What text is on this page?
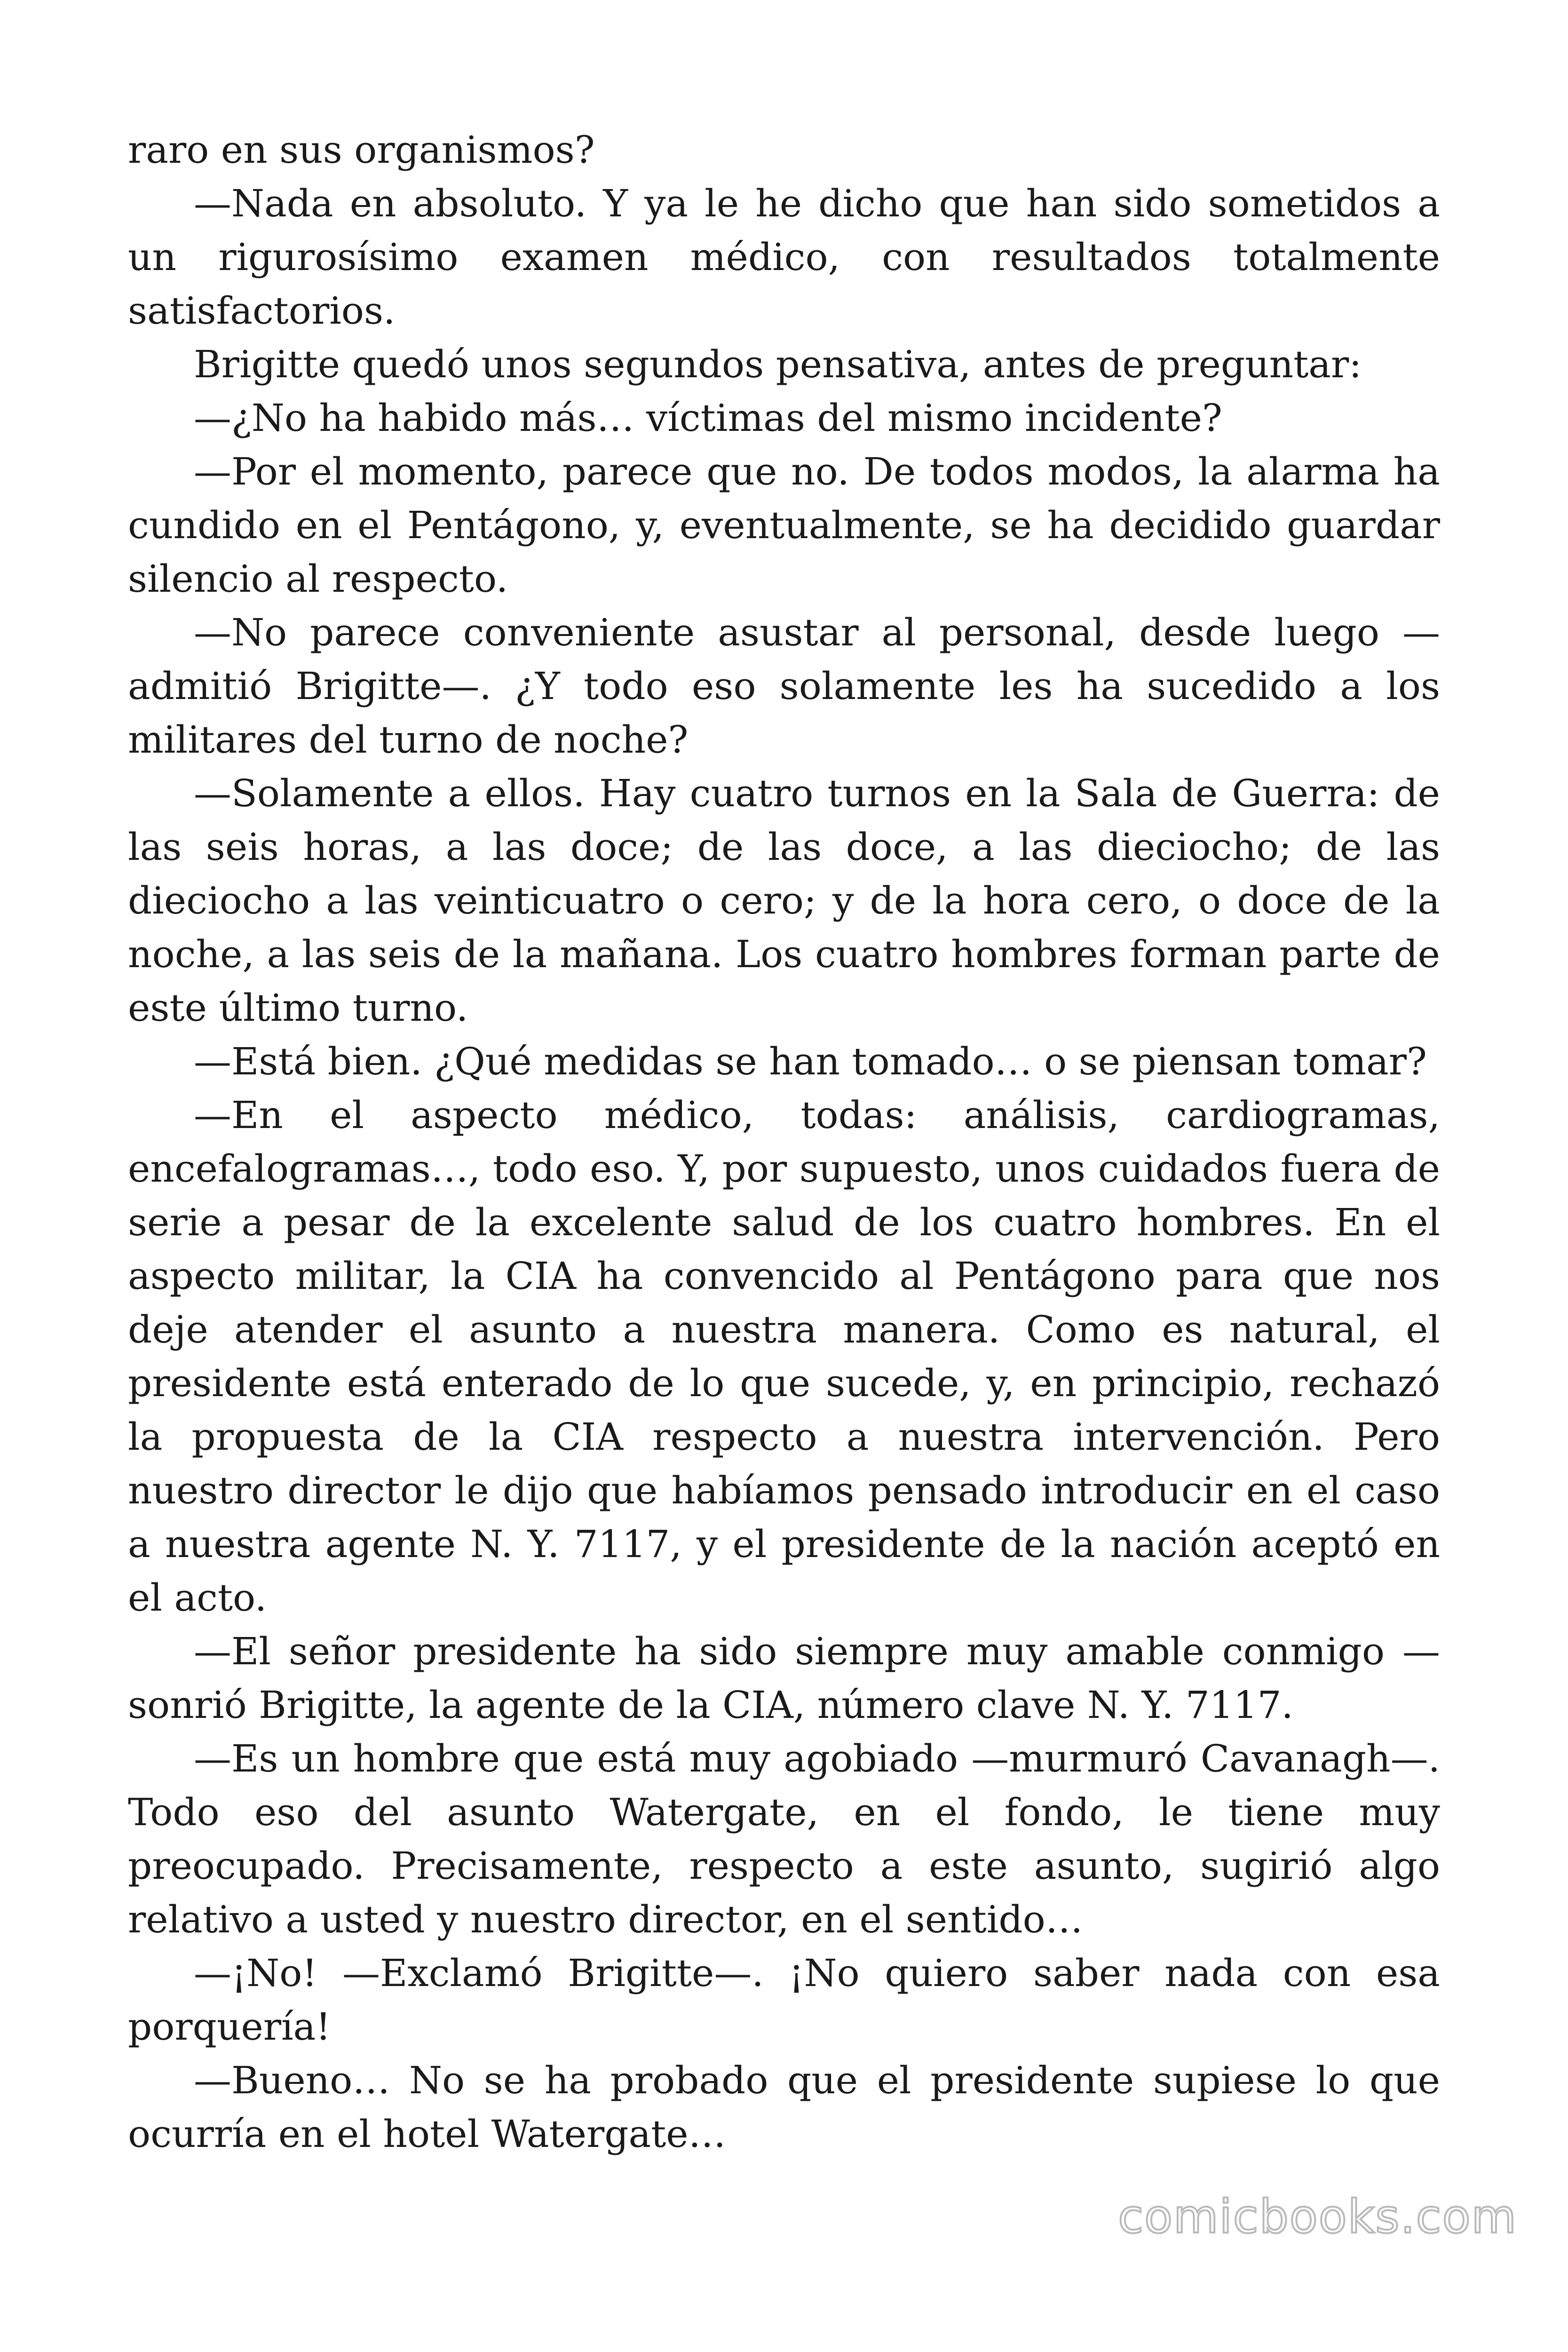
raro en sus organismos?

—Nada en absoluto. Y ya le he dicho que han sido sometidos a un rigurosísimo examen médico, con resultados totalmente satisfactorios.

Brigitte quedó unos segundos pensativa, antes de preguntar:

—¿No ha habido más… víctimas del mismo incidente?

—Por el momento, parece que no. De todos modos, la alarma ha cundido en el Pentágono, y, eventualmente, se ha decidido guardar silencio al respecto.

—No parece conveniente asustar al personal, desde luego —admitió Brigitte—. ¿Y todo eso solamente les ha sucedido a los militares del turno de noche?

—Solamente a ellos. Hay cuatro turnos en la Sala de Guerra: de las seis horas, a las doce; de las doce, a las dieciocho; de las dieciocho a las veinticuatro o cero; y de la hora cero, o doce de la noche, a las seis de la mañana. Los cuatro hombres forman parte de este último turno.

—Está bien. ¿Qué medidas se han tomado… o se piensan tomar?

—En el aspecto médico, todas: análisis, cardiogramas, encefalogramas…, todo eso. Y, por supuesto, unos cuidados fuera de serie a pesar de la excelente salud de los cuatro hombres. En el aspecto militar, la CIA ha convencido al Pentágono para que nos deje atender el asunto a nuestra manera. Como es natural, el presidente está enterado de lo que sucede, y, en principio, rechazó la propuesta de la CIA respecto a nuestra intervención. Pero nuestro director le dijo que habíamos pensado introducir en el caso a nuestra agente N. Y. 7117, y el presidente de la nación aceptó en el acto.

—El señor presidente ha sido siempre muy amable conmigo —sonrió Brigitte, la agente de la CIA, número clave N. Y. 7117.

—Es un hombre que está muy agobiado —murmuró Cavanagh—. Todo eso del asunto Watergate, en el fondo, le tiene muy preocupado. Precisamente, respecto a este asunto, sugirió algo relativo a usted y nuestro director, en el sentido…

—¡No! —Exclamó Brigitte—. ¡No quiero saber nada con esa porquería!

—Bueno… No se ha probado que el presidente supiese lo que ocurría en el hotel Watergate…

comicbooks.com
